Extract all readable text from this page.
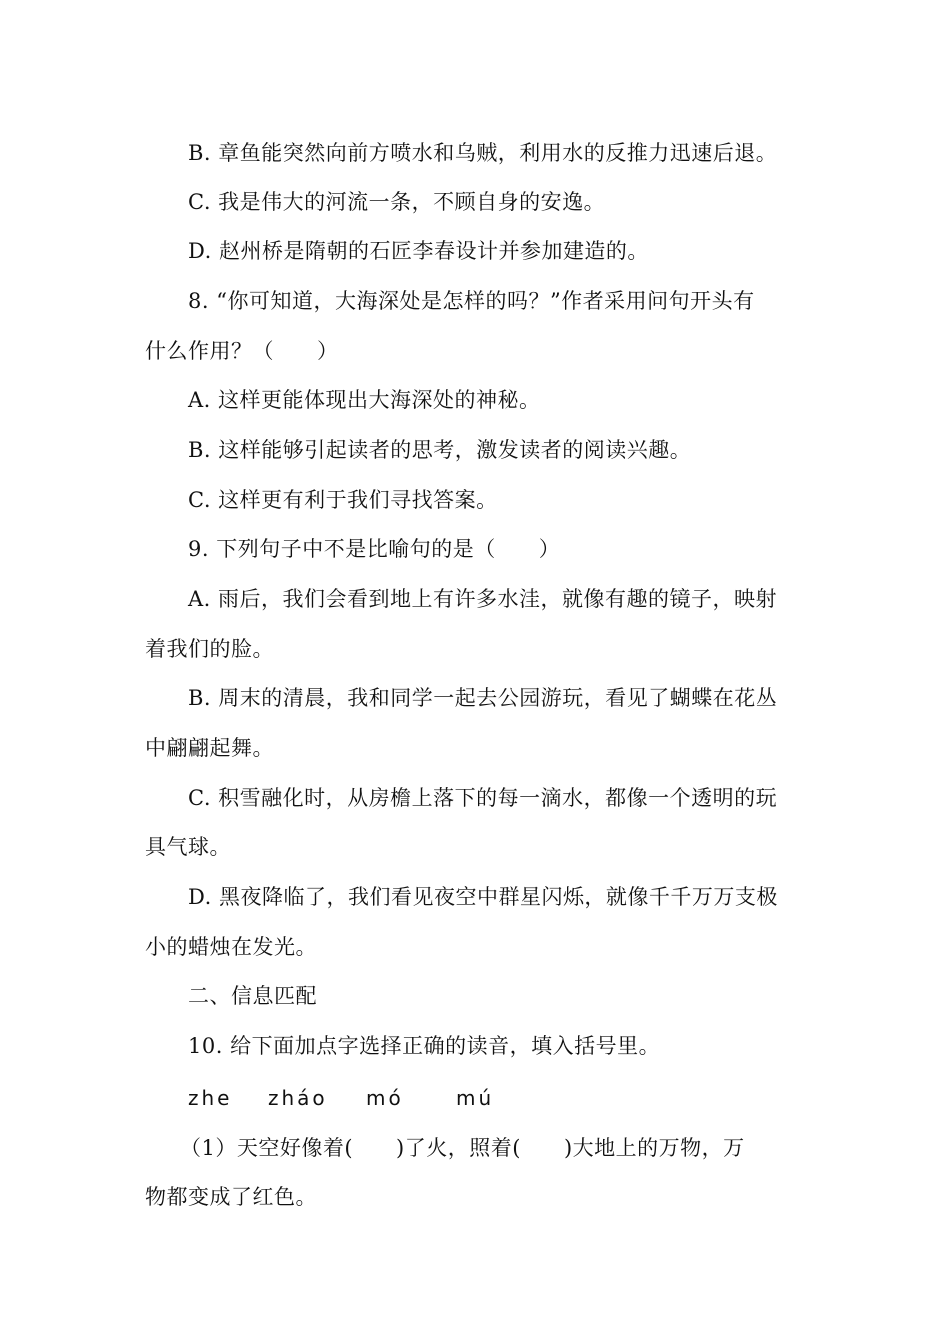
B. 章鱼能突然向前方喷水和乌贼，利用水的反推力迅速后退。
C. 我是伟大的河流一条，不顾自身的安逸。
D. 赵州桥是隋朝的石匠李春设计并参加建造的。
8. “你可知道，大海深处是怎样的吗？”作者采用问句开头有
什么作用？（　　）
A. 这样更能体现出大海深处的神秘。
B. 这样能够引起读者的思考，激发读者的阅读兴趣。
C. 这样更有利于我们寻找答案。
9. 下列句子中不是比喻句的是（　　）
A. 雨后，我们会看到地上有许多水洼，就像有趣的镜子，映射
着我们的脸。
B. 周末的清晨，我和同学一起去公园游玩，看见了蝴蝶在花丛
中翩翩起舞。
C. 积雪融化时，从房檐上落下的每一滴水，都像一个透明的玩
具气球。
D. 黑夜降临了，我们看见夜空中群星闪烁，就像千千万万支极
小的蜡烛在发光。
二、信息匹配
10. 给下面加点字选择正确的读音，填入括号里。
zhe zháo mó	mú
（1）天空好像着(　　)了火，照着(　　)大地上的万物，万
物都变成了红色。
